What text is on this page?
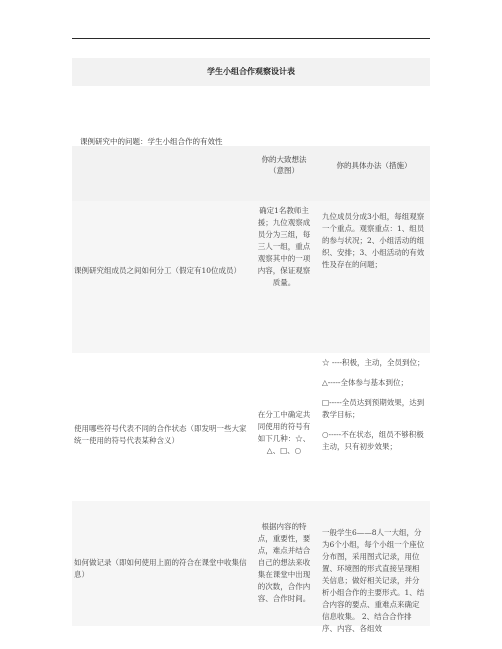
学生小组合作观察设计表
课例研究中的问题：学生小组合作的有效性
你的大致想法（意图）
你的具体办法（措施）
课例研究组成员之间如何分工（假定有10位成员）
确定1名教师主援；九位观察成员分为三组，每三人一组，重点观察其中的一项内容，保证观察质量。
九位成员分成3小组，每组观察一个重点。观察重点：1、组员的参与状况；2、小组活动的组织、安排；3、小组活动的有效性及存在的问题；
使用哪些符号代表不同的合作状态（即发明一些大家统一使用的符号代表某种含义）
在分工中确定共同使用的符号有如下几种：☆、△、□、○
☆ ----积极，主动，全员到位；
△-----全体参与基本到位；
□-----全员达到预期效果，达到教学目标；
○-----不在状态，组员不够积极主动，只有初步效果；
如何做记录（即如何使用上面的符合在课堂中收集信息）
根据内容的特点，重要性，要点，难点并结合自己的想法来收集在课堂中出现的次数，合作内容、合作时间。
一般学生6——8人一大组，分为6个小组，每个小组一个座位分布图，采用图式记录，用位置、环境图的形式直接呈现相关信息；做好相关记录，并分析小组合作的主要形式。1、结合内容的要点、重难点来确定信息收集。 2、结合合作排序、内容、各组效
